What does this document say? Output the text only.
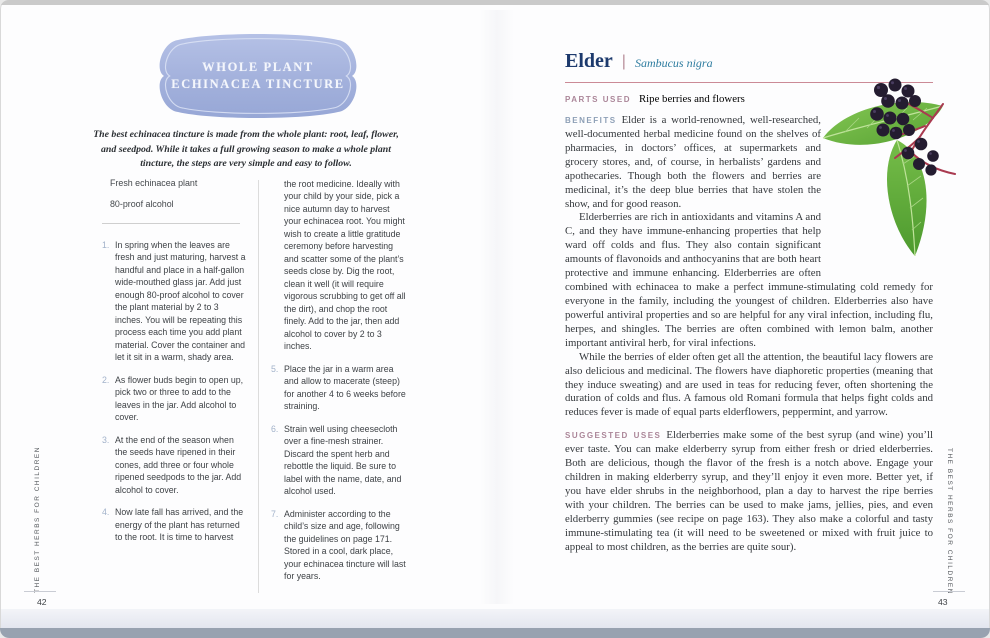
WHOLE PLANT
ECHINACEA TINCTURE
The best echinacea tincture is made from the whole plant: root, leaf, flower, and seedpod. While it takes a full growing season to make a whole plant tincture, the steps are very simple and easy to follow.
Fresh echinacea plant
80-proof alcohol
1. In spring when the leaves are fresh and just maturing, harvest a handful and place in a half-gallon wide-mouthed glass jar. Add just enough 80-proof alcohol to cover the plant material by 2 to 3 inches. You will be repeating this process each time you add plant material. Cover the container and let it sit in a warm, shady area.
2. As flower buds begin to open up, pick two or three to add to the leaves in the jar. Add alcohol to cover.
3. At the end of the season when the seeds have ripened in their cones, add three or four whole ripened seedpods to the jar. Add alcohol to cover.
4. Now late fall has arrived, and the energy of the plant has returned to the root. It is time to harvest
the root medicine. Ideally with your child by your side, pick a nice autumn day to harvest your echinacea root. You might wish to create a little gratitude ceremony before harvesting and scatter some of the plant’s seeds close by. Dig the root, clean it well (it will require vigorous scrubbing to get off all the dirt), and chop the root finely. Add to the jar, then add alcohol to cover by 2 to 3 inches.
5. Place the jar in a warm area and allow to macerate (steep) for another 4 to 6 weeks before straining.
6. Strain well using cheesecloth over a fine-mesh strainer. Discard the spent herb and rebottle the liquid. Be sure to label with the name, date, and alcohol used.
7. Administer according to the child’s size and age, following the guidelines on page 171. Stored in a cool, dark place, your echinacea tincture will last for years.
Elder | Sambucus nigra
PARTS USED Ripe berries and flowers

BENEFITS Elder is a world-renowned, well-researched, well-documented herbal medicine found on the shelves of pharmacies, in doctors’ offices, at supermarkets and grocery stores, and, of course, in herbalists’ gardens and apothecaries. Though both the flowers and berries are medicinal, it’s the deep blue berries that have stolen the show, and for good reason.

Elderberries are rich in antioxidants and vitamins A and C, and they have immune-enhancing properties that help ward off colds and flus. They also contain significant amounts of flavonoids and anthocyanins that are both heart protective and immune enhancing. Elderberries are often combined with echinacea to make a perfect immune-stimulating cold remedy for everyone in the family, including the youngest of children. Elderberries also have powerful antiviral properties and so are helpful for any viral infection, including flu, herpes, and shingles. The berries are often combined with lemon balm, another important antiviral herb, for viral infections.

While the berries of elder often get all the attention, the beautiful lacy flowers are also delicious and medicinal. The flowers have diaphoretic properties (meaning that they induce sweating) and are used in teas for reducing fever, often shortening the duration of colds and flus. A famous old Romani formula that helps fight colds and reduces fever is made of equal parts elderflowers, peppermint, and yarrow.

SUGGESTED USES Elderberries make some of the best syrup (and wine) you’ll ever taste. You can make elderberry syrup from either fresh or dried elderberries. Both are delicious, though the flavor of the fresh is a notch above. Engage your children in making elderberry syrup, and they’ll enjoy it even more. Better yet, if you have elder shrubs in the neighborhood, plan a day to harvest the ripe berries with your children. The berries can be used to make jams, jellies, pies, and even elderberry gummies (see recipe on page 163). They also make a colorful and tasty immune-stimulating tea (it will need to be sweetened or mixed with fruit juice to appeal to most children, as the berries are quite sour).

THE BEST HERBS FOR CHILDREN
42
THE BEST HERBS FOR CHILDREN
43
